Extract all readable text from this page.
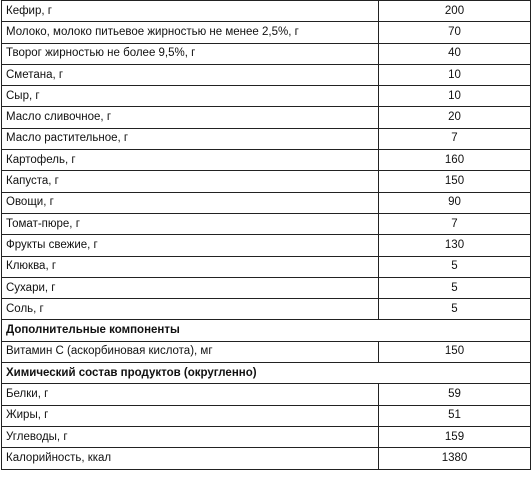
Кефир, г	200
Молоко, молоко питьевое жирностью не менее 2,5%, г	70
Творог жирностью не более 9,5%, г	40
Сметана, г	10
Сыр, г	10
Масло сливочное, г	20
Масло растительное, г	7
Картофель, г	160
Капуста, г	150
Овощи, г	90
Томат-пюре, г	7
Фрукты свежие, г	130
Клюква, г	5
Сухари, г	5
Соль, г	5
Дополнительные компоненты	
Витамин С (аскорбиновая кислота), мг	150
Химический состав продуктов (округленно)	
Белки, г	59
Жиры, г	51
Углеводы, г	159
Калорийность, ккал	1380
